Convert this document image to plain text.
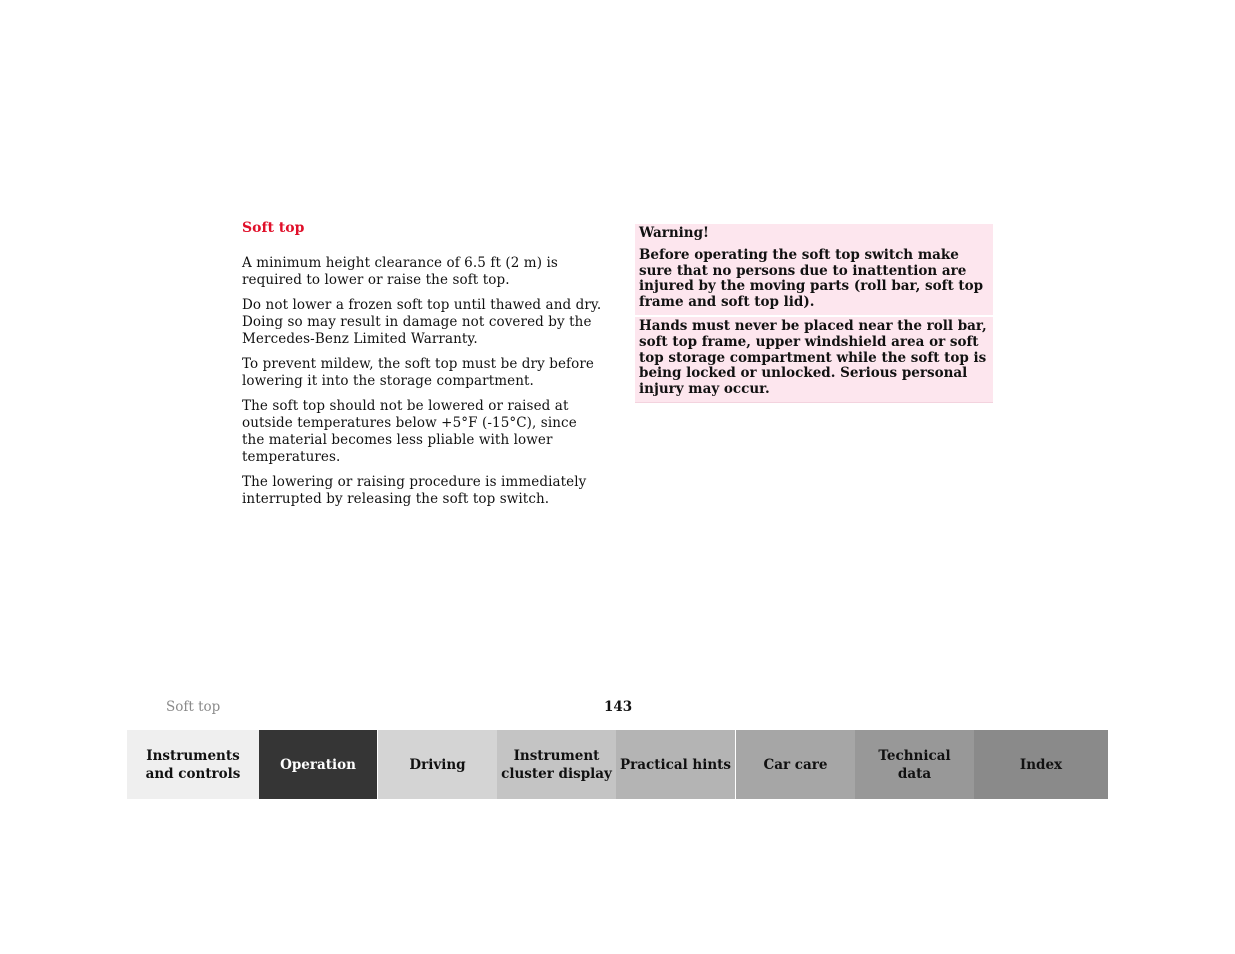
Soft top

A minimum height clearance of 6.5 ft (2 m) is required to lower or raise the soft top.

Do not lower a frozen soft top until thawed and dry. Doing so may result in damage not covered by the Mercedes-Benz Limited Warranty.

To prevent mildew, the soft top must be dry before lowering it into the storage compartment.

The soft top should not be lowered or raised at outside temperatures below +5°F (-15°C), since the material becomes less pliable with lower temperatures.

The lowering or raising procedure is immediately interrupted by releasing the soft top switch.

Warning!
Before operating the soft top switch make sure that no persons due to inattention are injured by the moving parts (roll bar, soft top frame and soft top lid).
Hands must never be placed near the roll bar, soft top frame, upper windshield area or soft top storage compartment while the soft top is being locked or unlocked. Serious personal injury may occur.
Soft top	143
Instruments
and controls
Operation	Driving
Instrument
cluster display
Practical hints Car care
Technical
data
Index
